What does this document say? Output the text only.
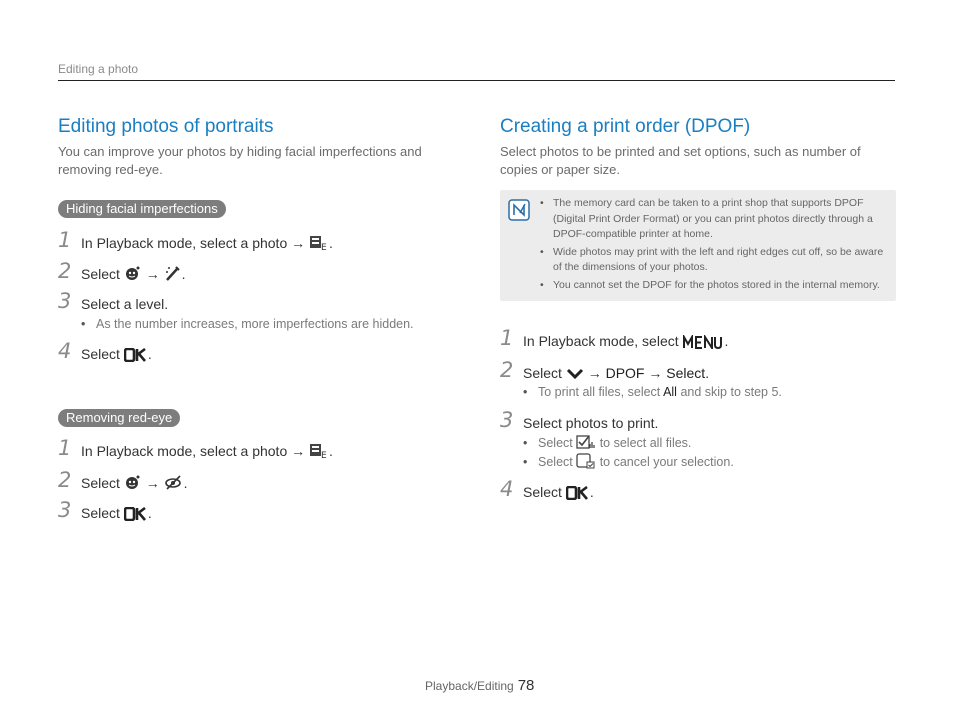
Editing a photo
Editing photos of portraits
You can improve your photos by hiding facial imperfections and removing red-eye.
Hiding facial imperfections
1 In Playback mode, select a photo → E .
2 Select  → .
3 Select a level.
• As the number increases, more imperfections are hidden.
4 Select .
Removing red-eye
1 In Playback mode, select a photo → E .
2 Select  → .
3 Select .
Creating a print order (DPOF)
Select photos to be printed and set options, such as number of copies or paper size.
• The memory card can be taken to a print shop that supports DPOF (Digital Print Order Format) or you can print photos directly through a DPOF-compatible printer at home.
• Wide photos may print with the left and right edges cut off, so be aware of the dimensions of your photos.
• You cannot set the DPOF for the photos stored in the internal memory.
1 In Playback mode, select	.
2 Select  → DPOF → Select.
• To print all files, select All and skip to step 5.
3 Select photos to print.
• Select  to select all files.
• Select  to cancel your selection.
4 Select .
Playback/Editing 78
